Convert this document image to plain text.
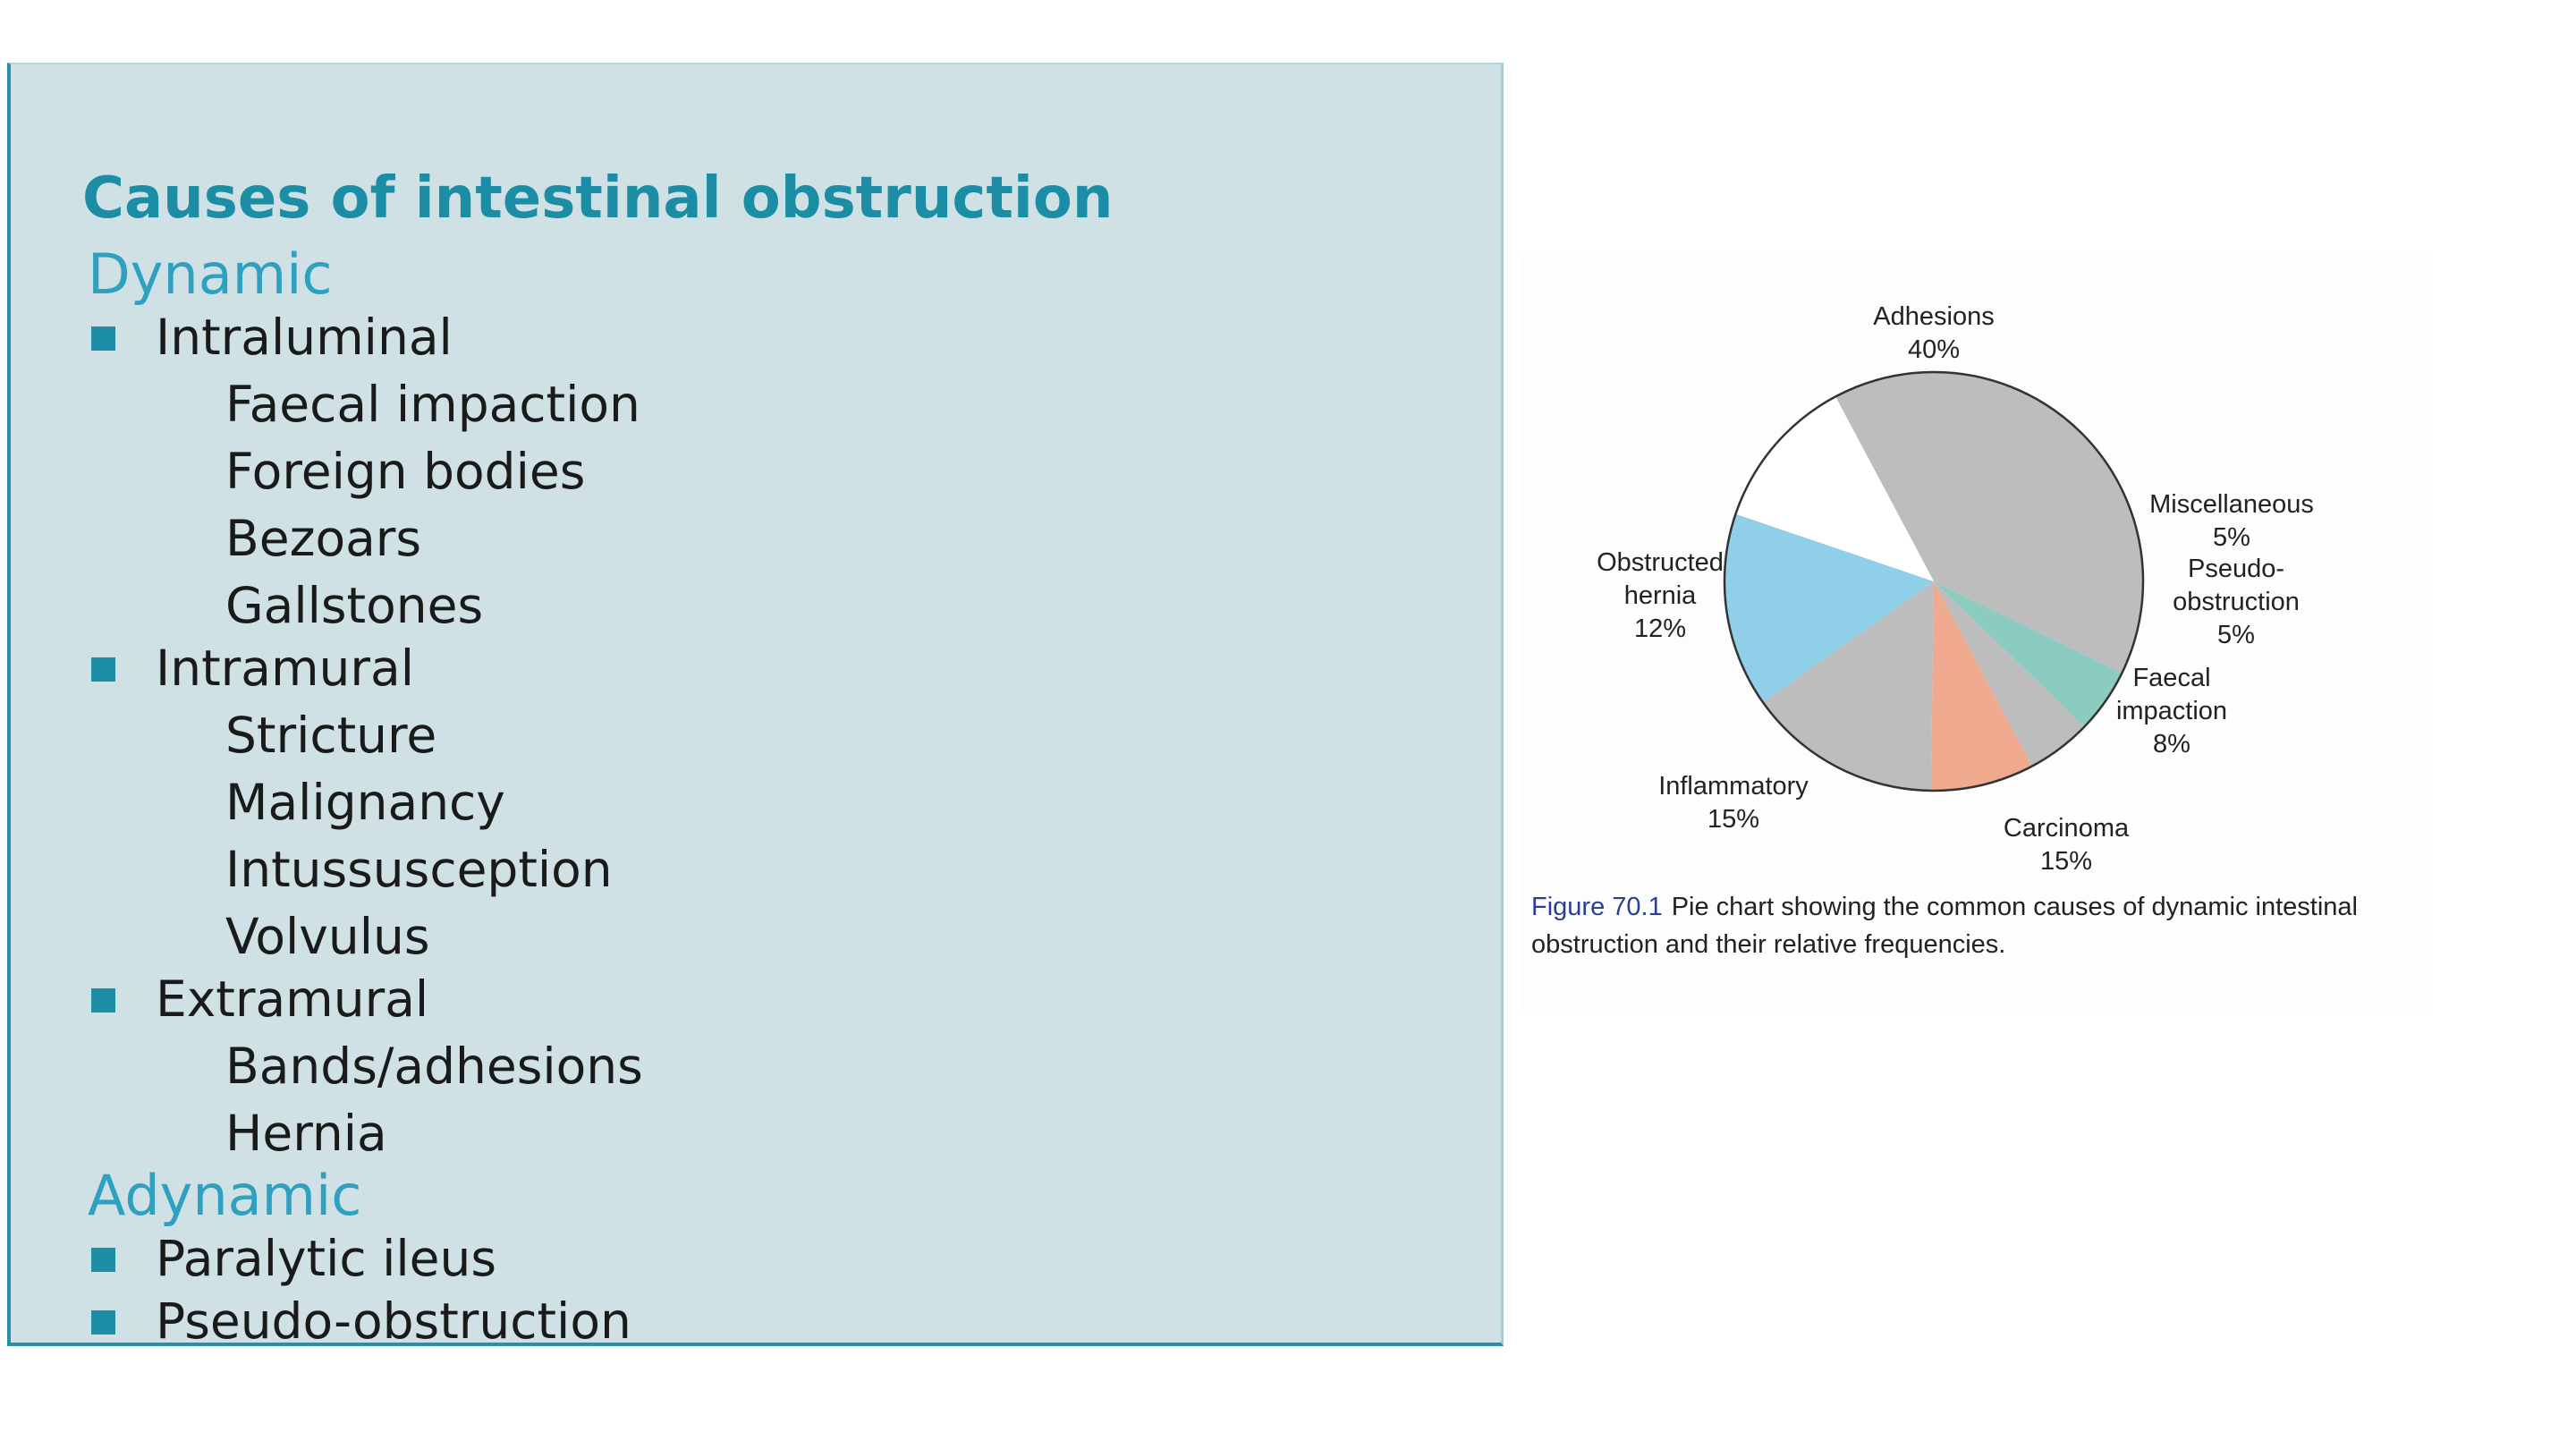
Causes of intestinal obstruction
Dynamic
Intraluminal
Faecal impaction
Foreign bodies
Bezoars
Gallstones
Intramural
Stricture
Malignancy
Intussusception
Volvulus
Extramural
Bands/adhesions
Hernia
Adynamic
Paralytic ileus
Pseudo-obstruction
Adhesions 40%
Miscellaneous 5%
Pseudo-obstruction 5%
Faecal impaction 8%
Carcinoma 15%
Inflammatory 15%
Obstructed hernia 12%

Figure 70.1 Pie chart showing the common causes of dynamic intestinal obstruction and their relative frequencies.
